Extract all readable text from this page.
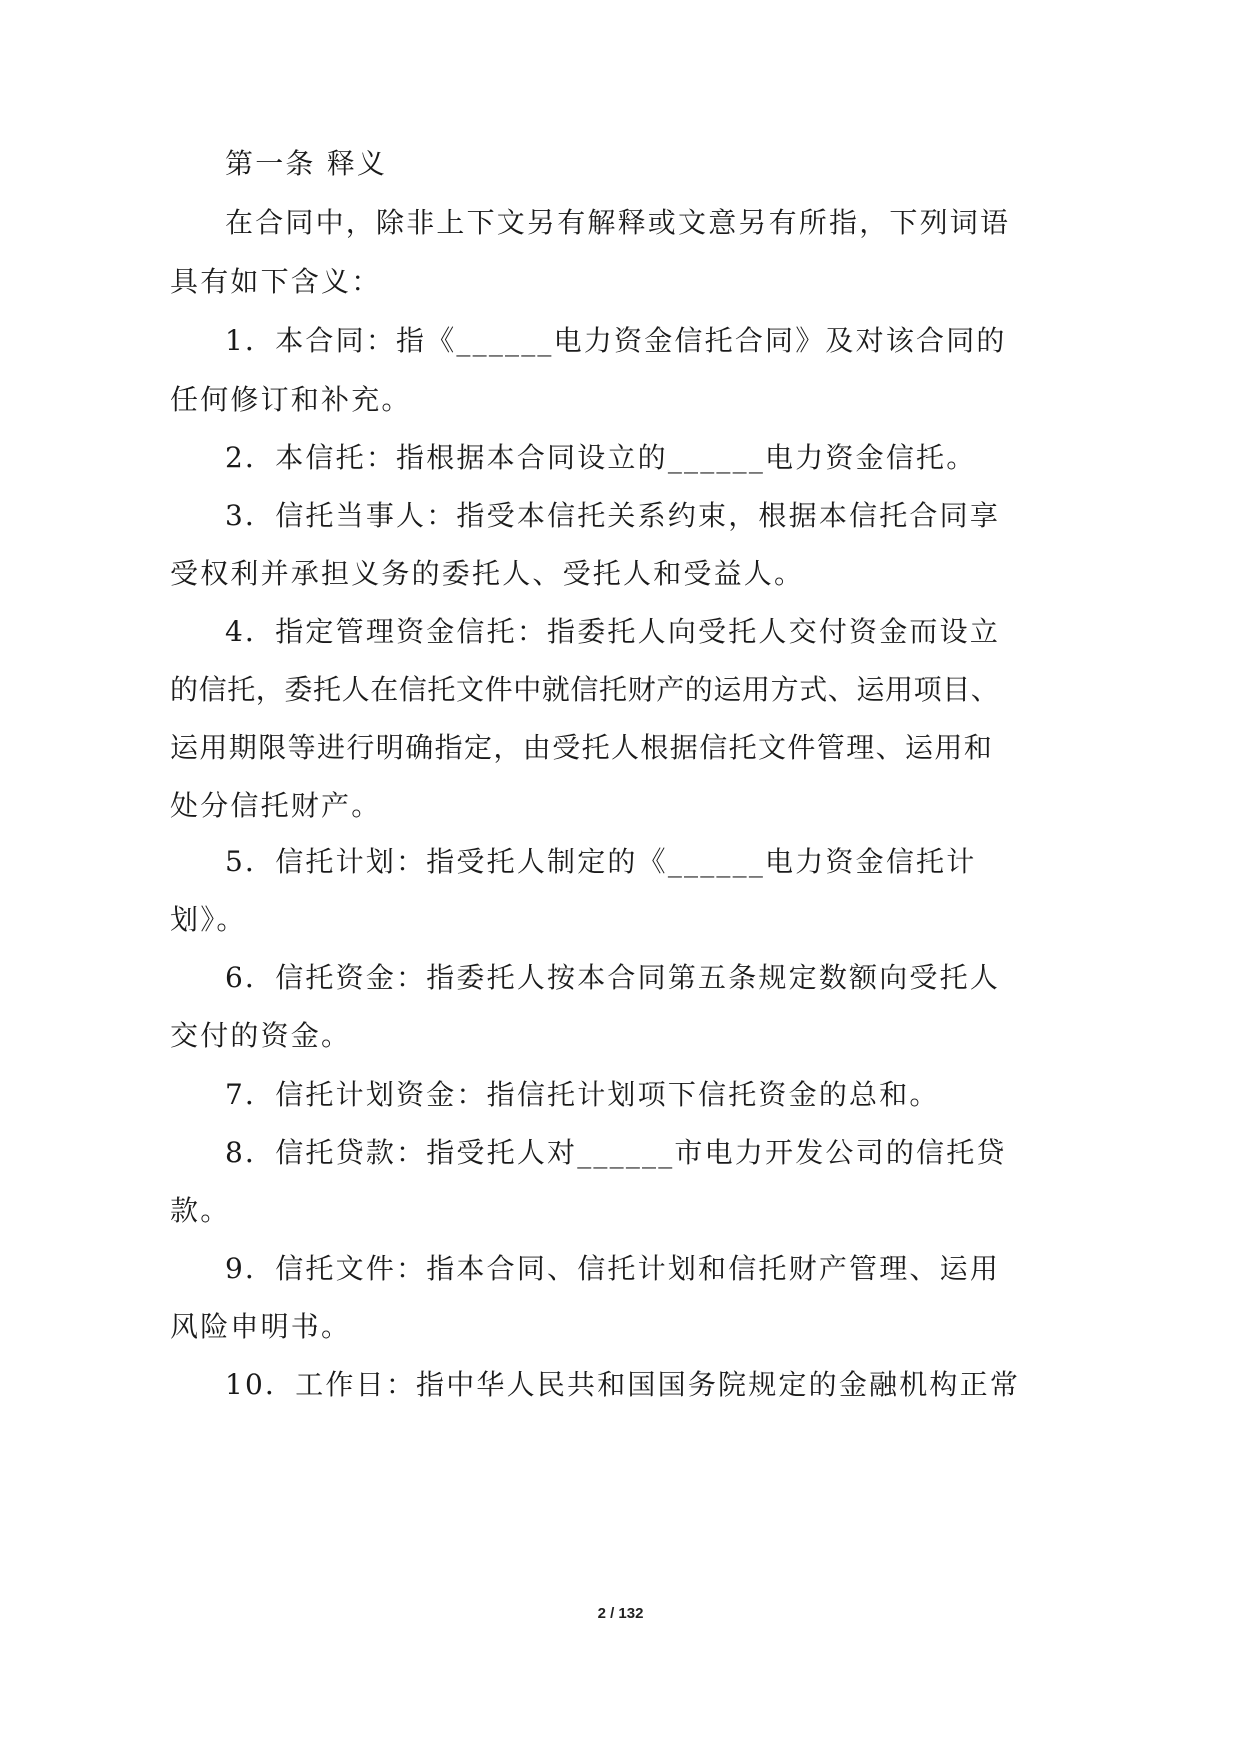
第一条 释义
在合同中，除非上下文另有解释或文意另有所指，下列词语
具有如下含义：
1．本合同：指《______电力资金信托合同》及对该合同的
任何修订和补充。
2．本信托：指根据本合同设立的______电力资金信托。
3．信托当事人：指受本信托关系约束，根据本信托合同享
受权利并承担义务的委托人、受托人和受益人。
4．指定管理资金信托：指委托人向受托人交付资金而设立
的信托，委托人在信托文件中就信托财产的运用方式、运用项目、
运用期限等进行明确指定，由受托人根据信托文件管理、运用和
处分信托财产。
5．信托计划：指受托人制定的《______电力资金信托计
划》。
6．信托资金：指委托人按本合同第五条规定数额向受托人
交付的资金。
7．信托计划资金：指信托计划项下信托资金的总和。
8．信托贷款：指受托人对______市电力开发公司的信托贷
款。
9．信托文件：指本合同、信托计划和信托财产管理、运用
风险申明书。
10．工作日：指中华人民共和国国务院规定的金融机构正常
2 / 132
